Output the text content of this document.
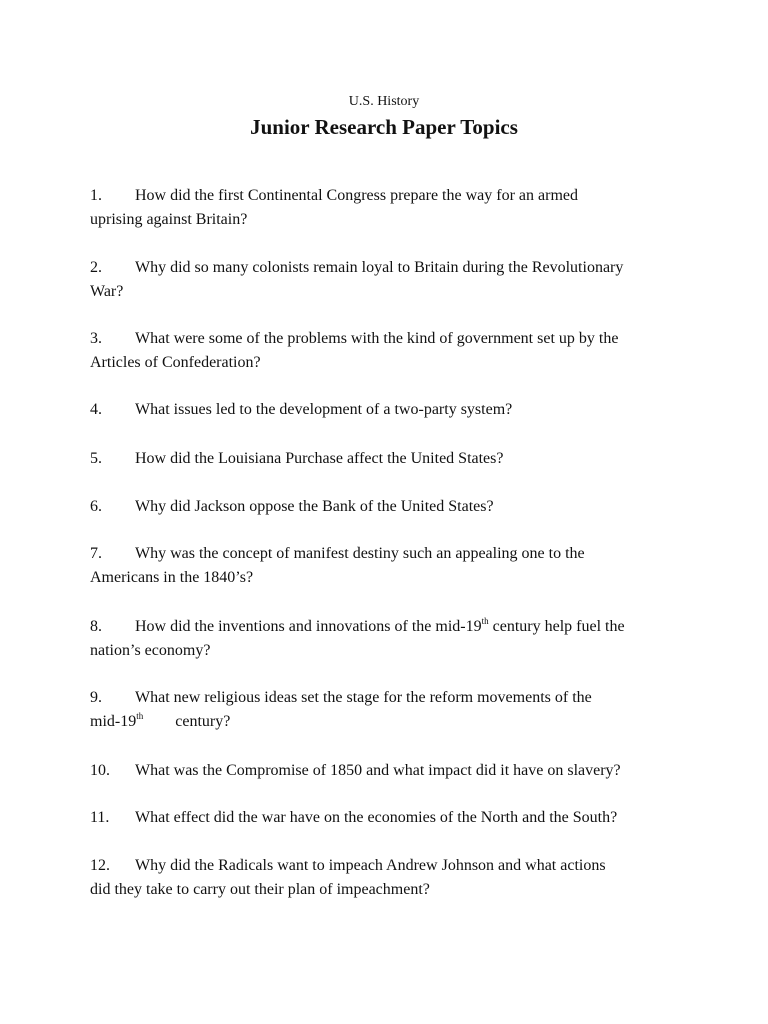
U.S. History
Junior Research Paper Topics
1. How did the first Continental Congress prepare the way for an armed
uprising against Britain?
2. Why did so many colonists remain loyal to Britain during the Revolutionary
War?
3. What were some of the problems with the kind of government set up by the
Articles of Confederation?
4. What issues led to the development of a two-party system?
5. How did the Louisiana Purchase affect the United States?
6. Why did Jackson oppose the Bank of the United States?
7. Why was the concept of manifest destiny such an appealing one to the
Americans in the 1840’s?
8. How did the inventions and innovations of the mid-19th century help fuel the
nation’s economy?
9. What new religious ideas set the stage for the reform movements of the
mid-19th century?
10. What was the Compromise of 1850 and what impact did it have on slavery?
11. What effect did the war have on the economies of the North and the South?
12. Why did the Radicals want to impeach Andrew Johnson and what actions
did they take to carry out their plan of impeachment?
